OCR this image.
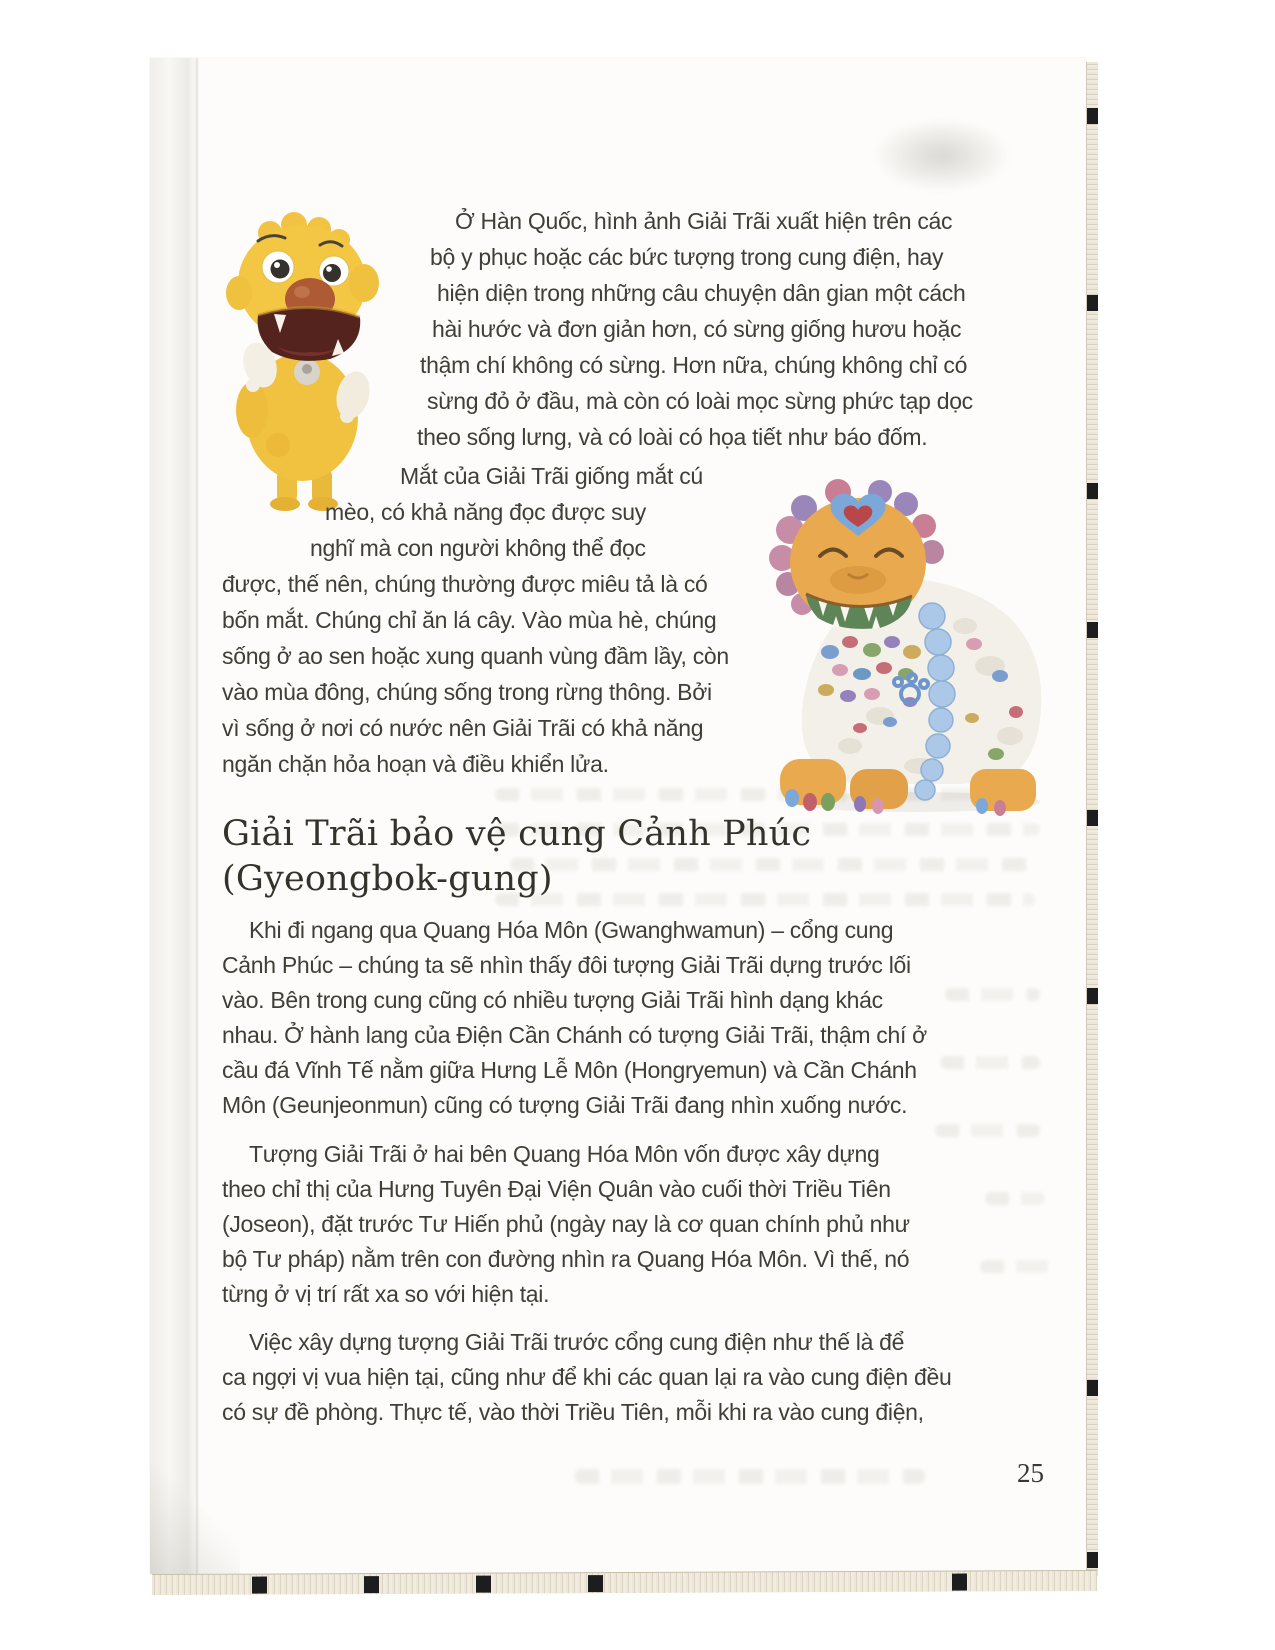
Ở Hàn Quốc, hình ảnh Giải Trãi xuất hiện trên các
bộ y phục hoặc các bức tượng trong cung điện, hay
hiện diện trong những câu chuyện dân gian một cách
hài hước và đơn giản hơn, có sừng giống hươu hoặc
thậm chí không có sừng. Hơn nữa, chúng không chỉ có
sừng đỏ ở đầu, mà còn có loài mọc sừng phức tạp dọc
theo sống lưng, và có loài có họa tiết như báo đốm.
Mắt của Giải Trãi giống mắt cú
mèo, có khả năng đọc được suy
nghĩ mà con người không thể đọc
được, thế nên, chúng thường được miêu tả là có
bốn mắt. Chúng chỉ ăn lá cây. Vào mùa hè, chúng
sống ở ao sen hoặc xung quanh vùng đầm lầy, còn
vào mùa đông, chúng sống trong rừng thông. Bởi
vì sống ở nơi có nước nên Giải Trãi có khả năng
ngăn chặn hỏa hoạn và điều khiển lửa.
Giải Trãi bảo vệ cung Cảnh Phúc
(Gyeongbok-gung)
Khi đi ngang qua Quang Hóa Môn (Gwanghwamun) – cổng cung
Cảnh Phúc – chúng ta sẽ nhìn thấy đôi tượng Giải Trãi dựng trước lối
vào. Bên trong cung cũng có nhiều tượng Giải Trãi hình dạng khác
nhau. Ở hành lang của Điện Cần Chánh có tượng Giải Trãi, thậm chí ở
cầu đá Vĩnh Tế nằm giữa Hưng Lễ Môn (Hongryemun) và Cần Chánh
Môn (Geunjeonmun) cũng có tượng Giải Trãi đang nhìn xuống nước.
Tượng Giải Trãi ở hai bên Quang Hóa Môn vốn được xây dựng
theo chỉ thị của Hưng Tuyên Đại Viện Quân vào cuối thời Triều Tiên
(Joseon), đặt trước Tư Hiến phủ (ngày nay là cơ quan chính phủ như
bộ Tư pháp) nằm trên con đường nhìn ra Quang Hóa Môn. Vì thế, nó
từng ở vị trí rất xa so với hiện tại.
Việc xây dựng tượng Giải Trãi trước cổng cung điện như thế là để
ca ngợi vị vua hiện tại, cũng như để khi các quan lại ra vào cung điện đều
có sự đề phòng. Thực tế, vào thời Triều Tiên, mỗi khi ra vào cung điện,
25
